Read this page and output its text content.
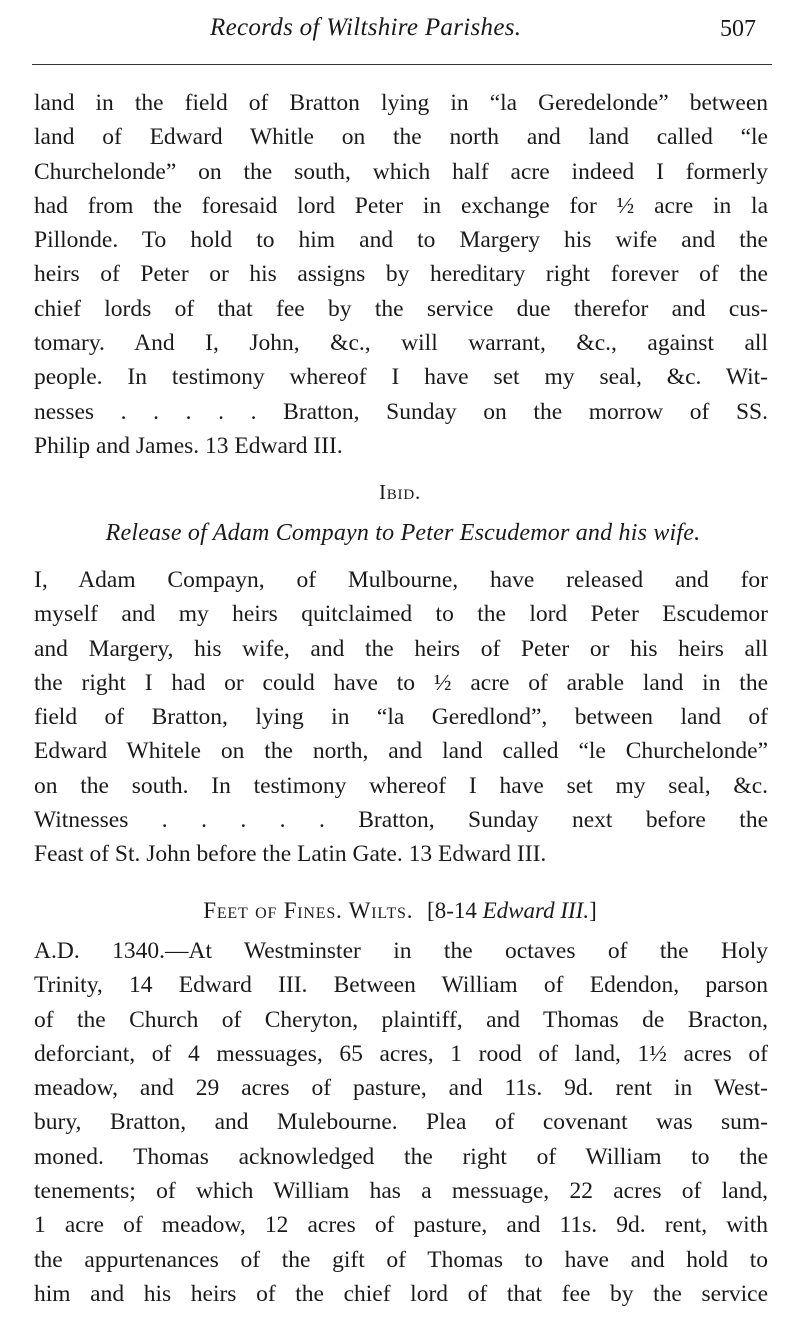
Records of Wiltshire Parishes.	507
land in the field of Bratton lying in “la Geredelonde” between
land of Edward Whitle on the north and land called “le
Churchelonde” on the south, which half acre indeed I formerly
had from the foresaid lord Peter in exchange for ½ acre in la
Pillonde. To hold to him and to Margery his wife and the
heirs of Peter or his assigns by hereditary right forever of the
chief lords of that fee by the service due therefor and cus-
tomary. And I, John, &c., will warrant, &c., against all
people. In testimony whereof I have set my seal, &c. Wit-
nesses . . . . . Bratton, Sunday on the morrow of SS.
Philip and James. 13 Edward III.
Ibid.
Release of Adam Compayn to Peter Escudemor and his wife.
I, Adam Compayn, of Mulbourne, have released and for
myself and my heirs quitclaimed to the lord Peter Escudemor
and Margery, his wife, and the heirs of Peter or his heirs all
the right I had or could have to ½ acre of arable land in the
field of Bratton, lying in “la Geredlond”, between land of
Edward Whitele on the north, and land called “le Churchelonde”
on the south. In testimony whereof I have set my seal, &c.
Witnesses . . . . . Bratton, Sunday next before the
Feast of St. John before the Latin Gate. 13 Edward III.
Feet of Fines. Wilts. [8-14 Edward III.]
A.D. 1340.—At Westminster in the octaves of the Holy
Trinity, 14 Edward III. Between William of Edendon, parson
of the Church of Cheryton, plaintiff, and Thomas de Bracton,
deforciant, of 4 messuages, 65 acres, 1 rood of land, 1½ acres of
meadow, and 29 acres of pasture, and 11s. 9d. rent in West-
bury, Bratton, and Mulebourne. Plea of covenant was sum-
moned. Thomas acknowledged the right of William to the
tenements; of which William has a messuage, 22 acres of land,
1 acre of meadow, 12 acres of pasture, and 11s. 9d. rent, with
the appurtenances of the gift of Thomas to have and hold to
him and his heirs of the chief lord of that fee by the service
